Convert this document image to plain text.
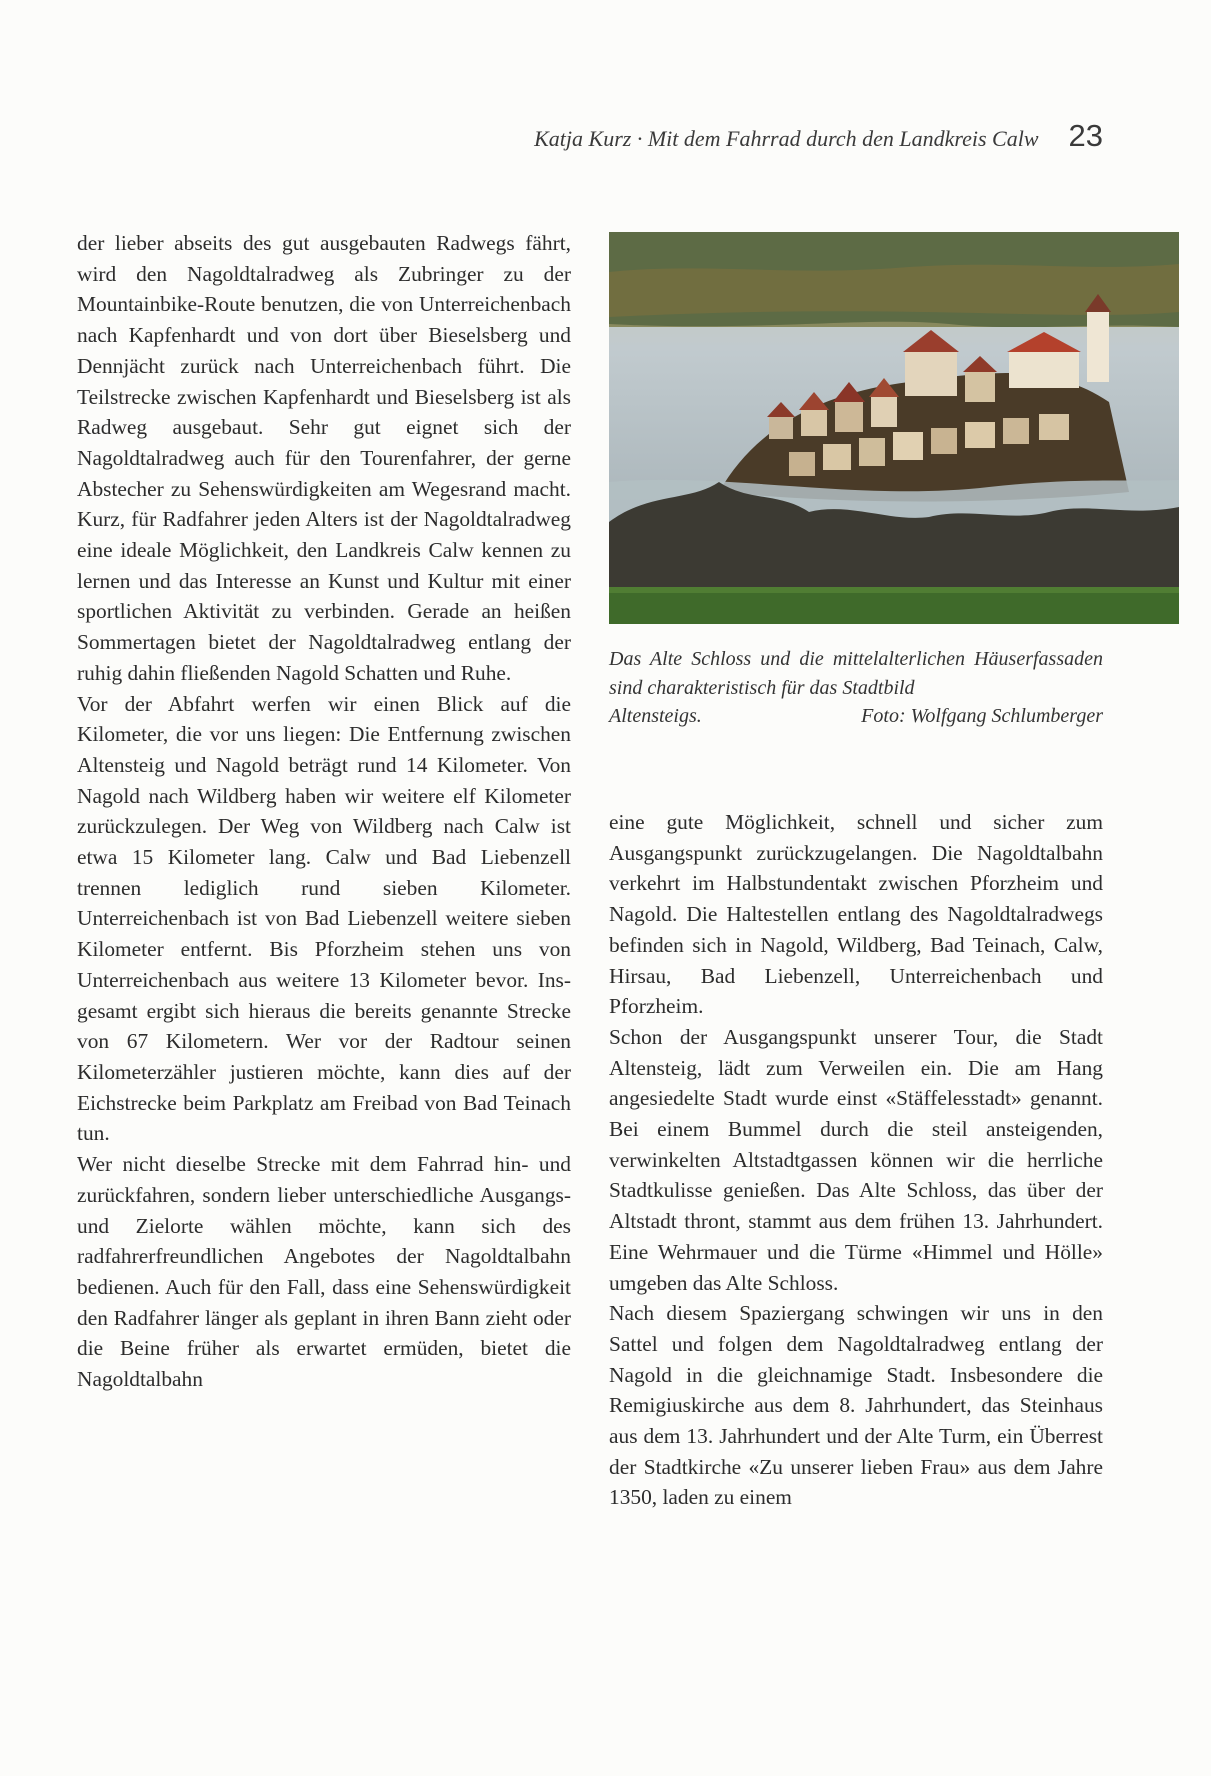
Katja Kurz · Mit dem Fahrrad durch den Landkreis Calw 23

der lieber abseits des gut ausgebauten Radwegs fährt, wird den Nagoldtalradweg als Zubringer zu der Mountainbike-Route benutzen, die von Unterreichenbach nach Kapfenhardt und von dort über Bieselsberg und Dennjächt zurück nach Unterreichenbach führt. Die Teilstrecke zwischen Kapfenhardt und Bieselsberg ist als Radweg ausgebaut. Sehr gut eignet sich der Nagoldtalradweg auch für den Tourenfahrer, der gerne Abstecher zu Sehenswürdigkeiten am Wegesrand macht. Kurz, für Radfahrer jeden Alters ist der Nagoldtalradweg eine ideale Möglichkeit, den Landkreis Calw kennen zu lernen und das Interesse an Kunst und Kultur mit einer sportlichen Aktivität zu verbinden. Gerade an heißen Sommertagen bietet der Nagoldtalradweg entlang der ruhig dahin fließenden Nagold Schatten und Ruhe.

Vor der Abfahrt werfen wir einen Blick auf die Kilometer, die vor uns liegen: Die Entfernung zwischen Altensteig und Nagold beträgt rund 14 Kilometer. Von Nagold nach Wildberg haben wir weitere elf Kilometer zurückzulegen. Der Weg von Wildberg nach Calw ist etwa 15 Kilometer lang. Calw und Bad Liebenzell trennen lediglich rund sieben Kilometer. Unterreichenbach ist von Bad Liebenzell weitere sieben Kilometer entfernt. Bis Pforzheim stehen uns von Unterreichenbach aus weitere 13 Kilometer bevor. Insgesamt ergibt sich hieraus die bereits genannte Strecke von 67 Kilometern. Wer vor der Radtour seinen Kilometerzähler justieren möchte, kann dies auf der Eichstrecke beim Parkplatz am Freibad von Bad Teinach tun.

Wer nicht dieselbe Strecke mit dem Fahrrad hin- und zurückfahren, sondern lieber unterschiedliche Ausgangs- und Zielorte wählen möchte, kann sich des radfahrerfreundlichen Angebotes der Nagoldtalbahn bedienen. Auch für den Fall, dass eine Sehenswürdigkeit den Radfahrer länger als geplant in ihren Bann zieht oder die Beine früher als erwartet ermüden, bietet die Nagoldtalbahn

Das Alte Schloss und die mittelalterlichen Häuserfassaden sind charakteristisch für das Stadtbild
Altensteigs.	Foto: Wolfgang Schlumberger

eine gute Möglichkeit, schnell und sicher zum Ausgangspunkt zurückzugelangen. Die Nagoldtalbahn verkehrt im Halbstundentakt zwischen Pforzheim und Nagold. Die Haltestellen entlang des Nagoldtalradwegs befinden sich in Nagold, Wildberg, Bad Teinach, Calw, Hirsau, Bad Liebenzell, Unterreichenbach und Pforzheim.

Schon der Ausgangspunkt unserer Tour, die Stadt Altensteig, lädt zum Verweilen ein. Die am Hang angesiedelte Stadt wurde einst «Stäffelesstadt» genannt. Bei einem Bummel durch die steil ansteigenden, verwinkelten Altstadtgassen können wir die herrliche Stadtkulisse genießen. Das Alte Schloss, das über der Altstadt thront, stammt aus dem frühen 13. Jahrhundert. Eine Wehrmauer und die Türme «Himmel und Hölle» umgeben das Alte Schloss.

Nach diesem Spaziergang schwingen wir uns in den Sattel und folgen dem Nagoldtalradweg entlang der Nagold in die gleichnamige Stadt. Insbesondere die Remigiuskirche aus dem 8. Jahrhundert, das Steinhaus aus dem 13. Jahrhundert und der Alte Turm, ein Überrest der Stadtkirche «Zu unserer lieben Frau» aus dem Jahre 1350, laden zu einem
